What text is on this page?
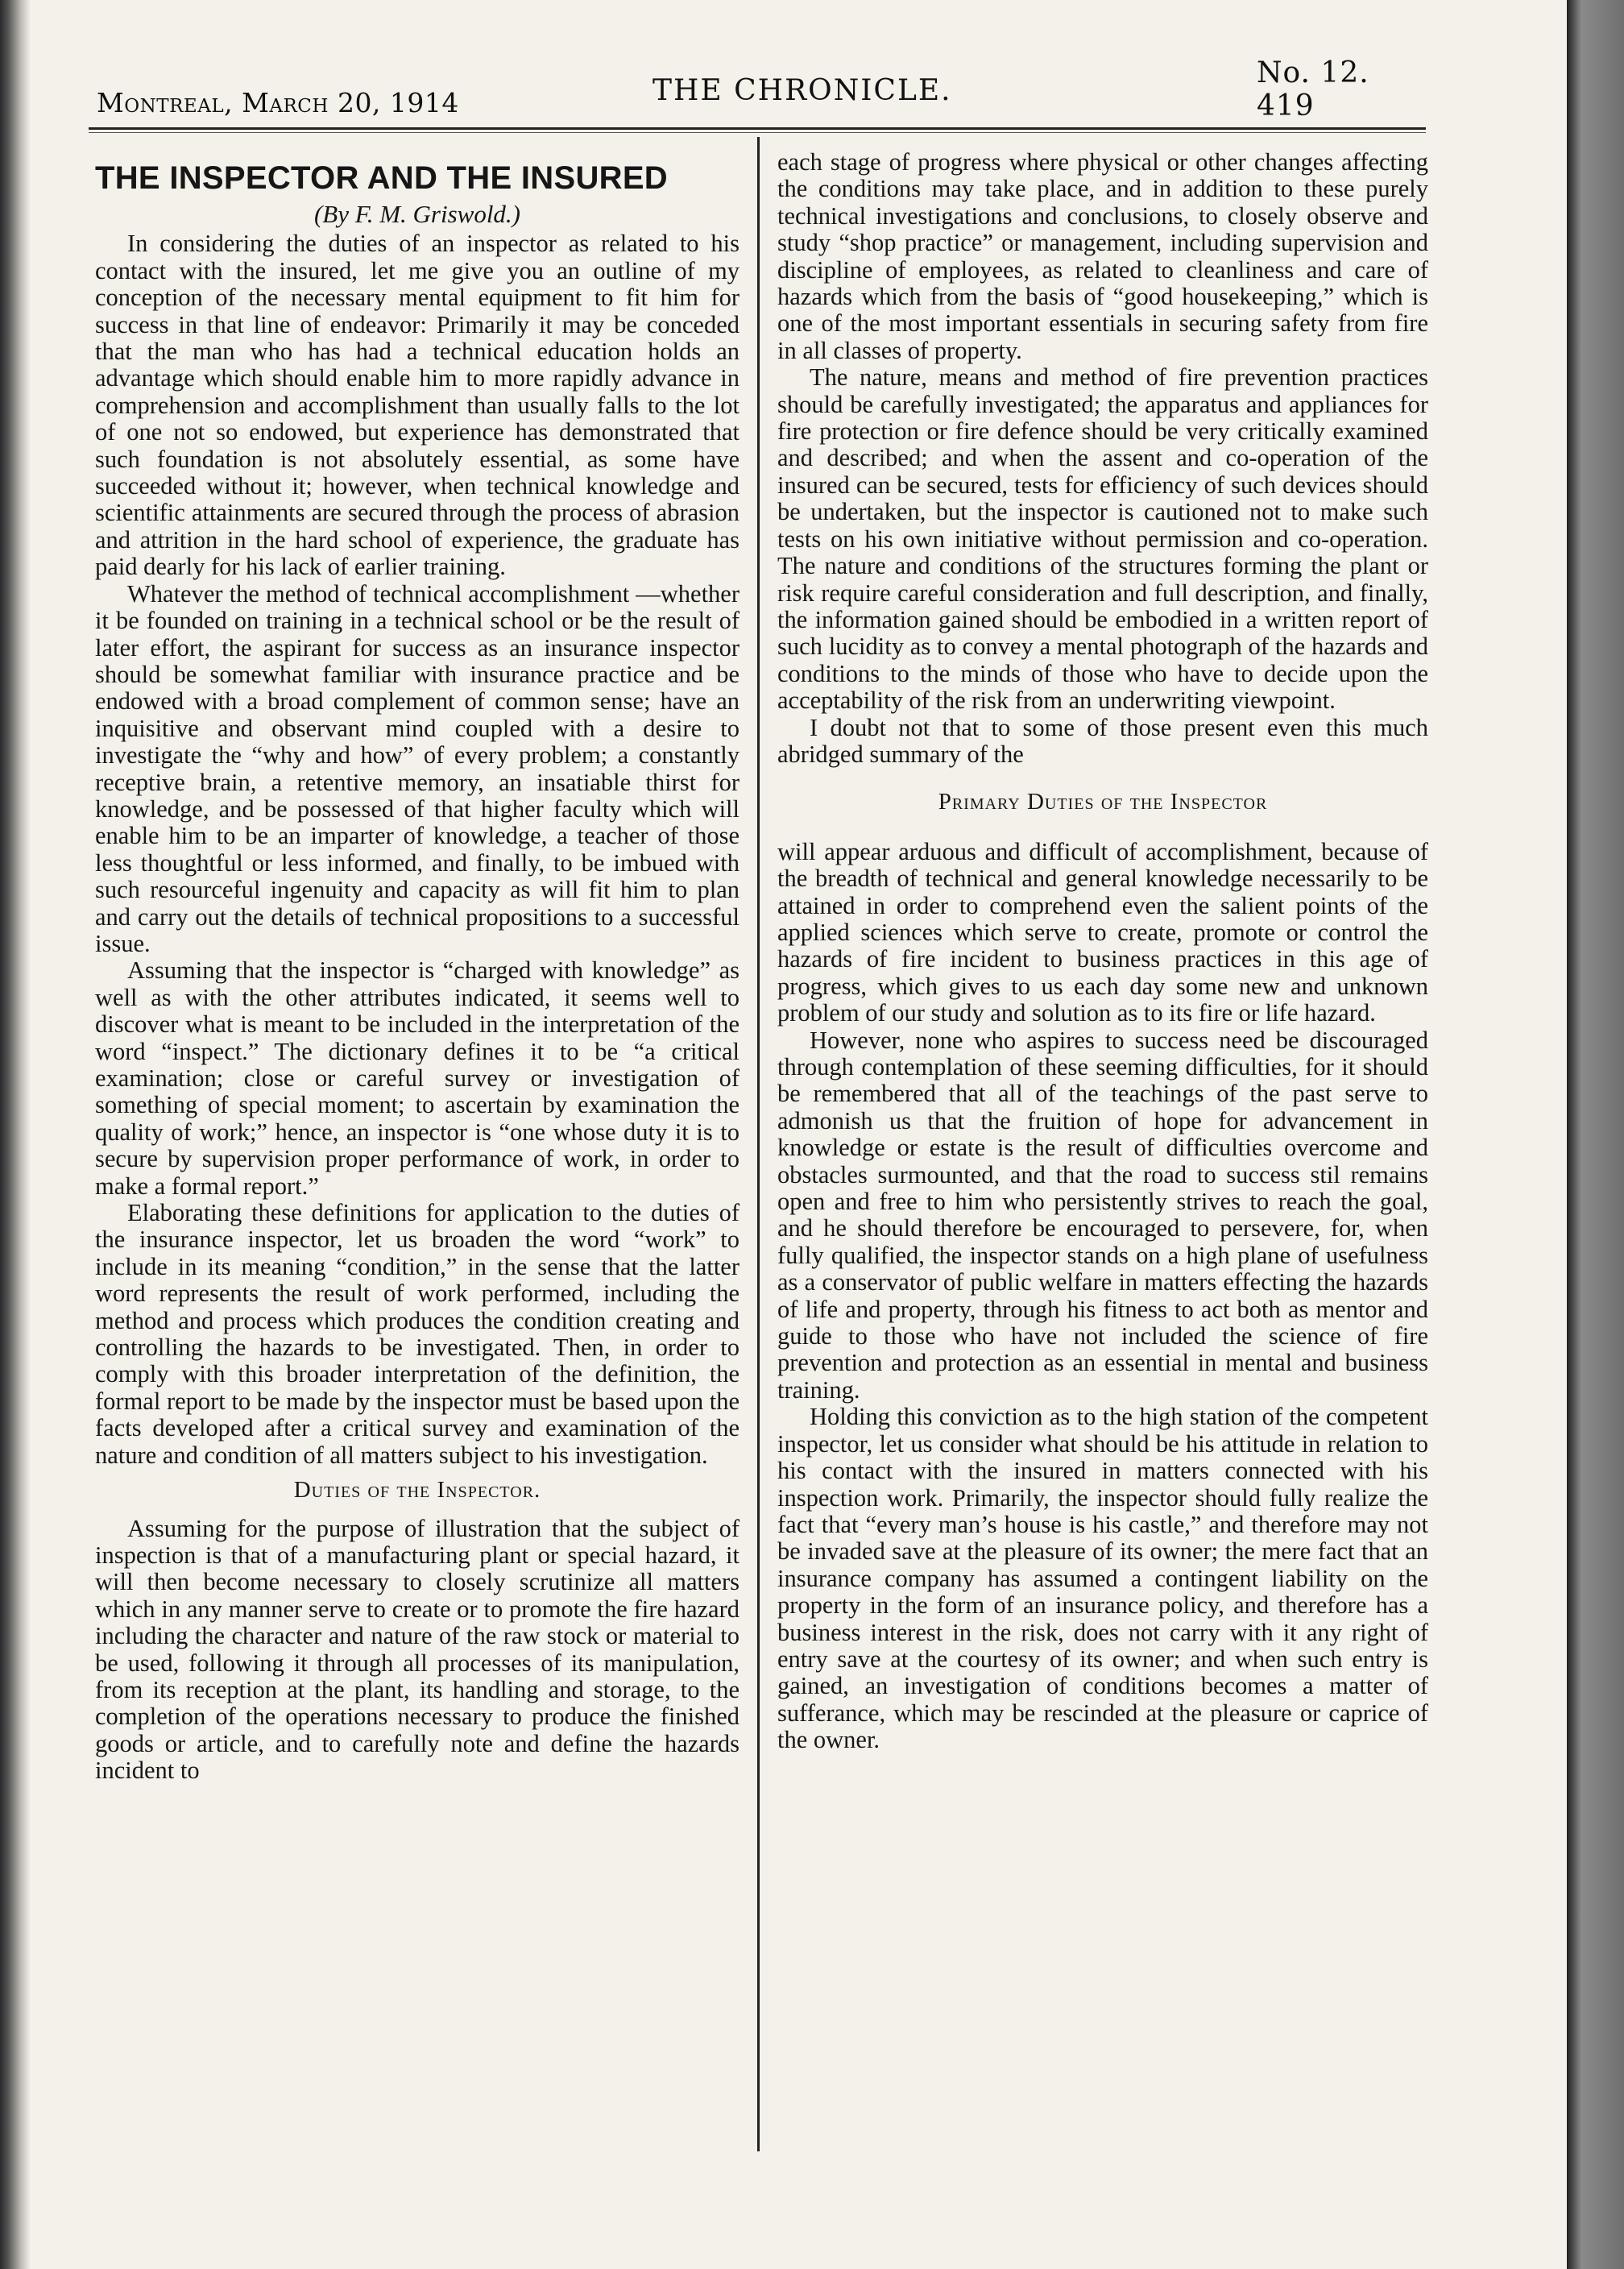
Montreal, March 20, 1914	THE CHRONICLE.
No. 12. 419
THE INSPECTOR AND THE INSURED
(By F. M. Griswold.)

In considering the duties of an inspector as related to his contact with the insured, let me give you an outline of my conception of the necessary mental equipment to fit him for success in that line of endeavor: Primarily it may be conceded that the man who has had a technical education holds an advantage which should enable him to more rapidly advance in comprehension and accomplishment than usually falls to the lot of one not so endowed, but experience has demonstrated that such foundation is not absolutely essential, as some have succeeded without it; however, when technical knowledge and scientific attainments are secured through the process of abrasion and attrition in the hard school of experience, the graduate has paid dearly for his lack of earlier training.

Whatever the method of technical accomplishment —whether it be founded on training in a technical school or be the result of later effort, the aspirant for success as an insurance inspector should be somewhat familiar with insurance practice and be endowed with a broad complement of common sense; have an inquisitive and observant mind coupled with a desire to investigate the “why and how” of every problem; a constantly receptive brain, a retentive memory, an insatiable thirst for knowledge, and be possessed of that higher faculty which will enable him to be an imparter of knowledge, a teacher of those less thoughtful or less informed, and finally, to be imbued with such resourceful ingenuity and capacity as will fit him to plan and carry out the details of technical propositions to a successful issue.

Assuming that the inspector is “charged with knowledge” as well as with the other attributes indicated, it seems well to discover what is meant to be included in the interpretation of the word “inspect.” The dictionary defines it to be “a critical examination; close or careful survey or investigation of something of special moment; to ascertain by examination the quality of work;” hence, an inspector is “one whose duty it is to secure by supervision proper performance of work, in order to make a formal report.”

Elaborating these definitions for application to the duties of the insurance inspector, let us broaden the word “work” to include in its meaning “condition,” in the sense that the latter word represents the result of work performed, including the method and process which produces the condition creating and controlling the hazards to be investigated. Then, in order to comply with this broader interpretation of the definition, the formal report to be made by the inspector must be based upon the facts developed after a critical survey and examination of the nature and condition of all matters subject to his investigation.

Duties of the Inspector.

Assuming for the purpose of illustration that the subject of inspection is that of a manufacturing plant or special hazard, it will then become necessary to closely scrutinize all matters which in any manner serve to create or to promote the fire hazard including the character and nature of the raw stock or material to be used, following it through all processes of its manipulation, from its reception at the plant, its handling and storage, to the completion of the operations necessary to produce the finished goods or article, and to carefully note and define the hazards incident to

each stage of progress where physical or other changes affecting the conditions may take place, and in addition to these purely technical investigations and conclusions, to closely observe and study “shop practice” or management, including supervision and discipline of employees, as related to cleanliness and care of hazards which from the basis of “good housekeeping,” which is one of the most important essentials in securing safety from fire in all classes of property.

The nature, means and method of fire prevention practices should be carefully investigated; the apparatus and appliances for fire protection or fire defence should be very critically examined and described; and when the assent and co-operation of the insured can be secured, tests for efficiency of such devices should be undertaken, but the inspector is cautioned not to make such tests on his own initiative without permission and co-operation. The nature and conditions of the structures forming the plant or risk require careful consideration and full description, and finally, the information gained should be embodied in a written report of such lucidity as to convey a mental photograph of the hazards and conditions to the minds of those who have to decide upon the acceptability of the risk from an underwriting viewpoint.

I doubt not that to some of those present even this much abridged summary of the

Primary Duties of the Inspector

will appear arduous and difficult of accomplishment, because of the breadth of technical and general knowledge necessarily to be attained in order to comprehend even the salient points of the applied sciences which serve to create, promote or control the hazards of fire incident to business practices in this age of progress, which gives to us each day some new and unknown problem of our study and solution as to its fire or life hazard.

However, none who aspires to success need be discouraged through contemplation of these seeming difficulties, for it should be remembered that all of the teachings of the past serve to admonish us that the fruition of hope for advancement in knowledge or estate is the result of difficulties overcome and obstacles surmounted, and that the road to success stil remains open and free to him who persistently strives to reach the goal, and he should therefore be encouraged to persevere, for, when fully qualified, the inspector stands on a high plane of usefulness as a conservator of public welfare in matters effecting the hazards of life and property, through his fitness to act both as mentor and guide to those who have not included the science of fire prevention and protection as an essential in mental and business training.

Holding this conviction as to the high station of the competent inspector, let us consider what should be his attitude in relation to his contact with the insured in matters connected with his inspection work. Primarily, the inspector should fully realize the fact that “every man’s house is his castle,” and therefore may not be invaded save at the pleasure of its owner; the mere fact that an insurance company has assumed a contingent liability on the property in the form of an insurance policy, and therefore has a business interest in the risk, does not carry with it any right of entry save at the courtesy of its owner; and when such entry is gained, an investigation of conditions becomes a matter of sufferance, which may be rescinded at the pleasure or caprice of the owner.
